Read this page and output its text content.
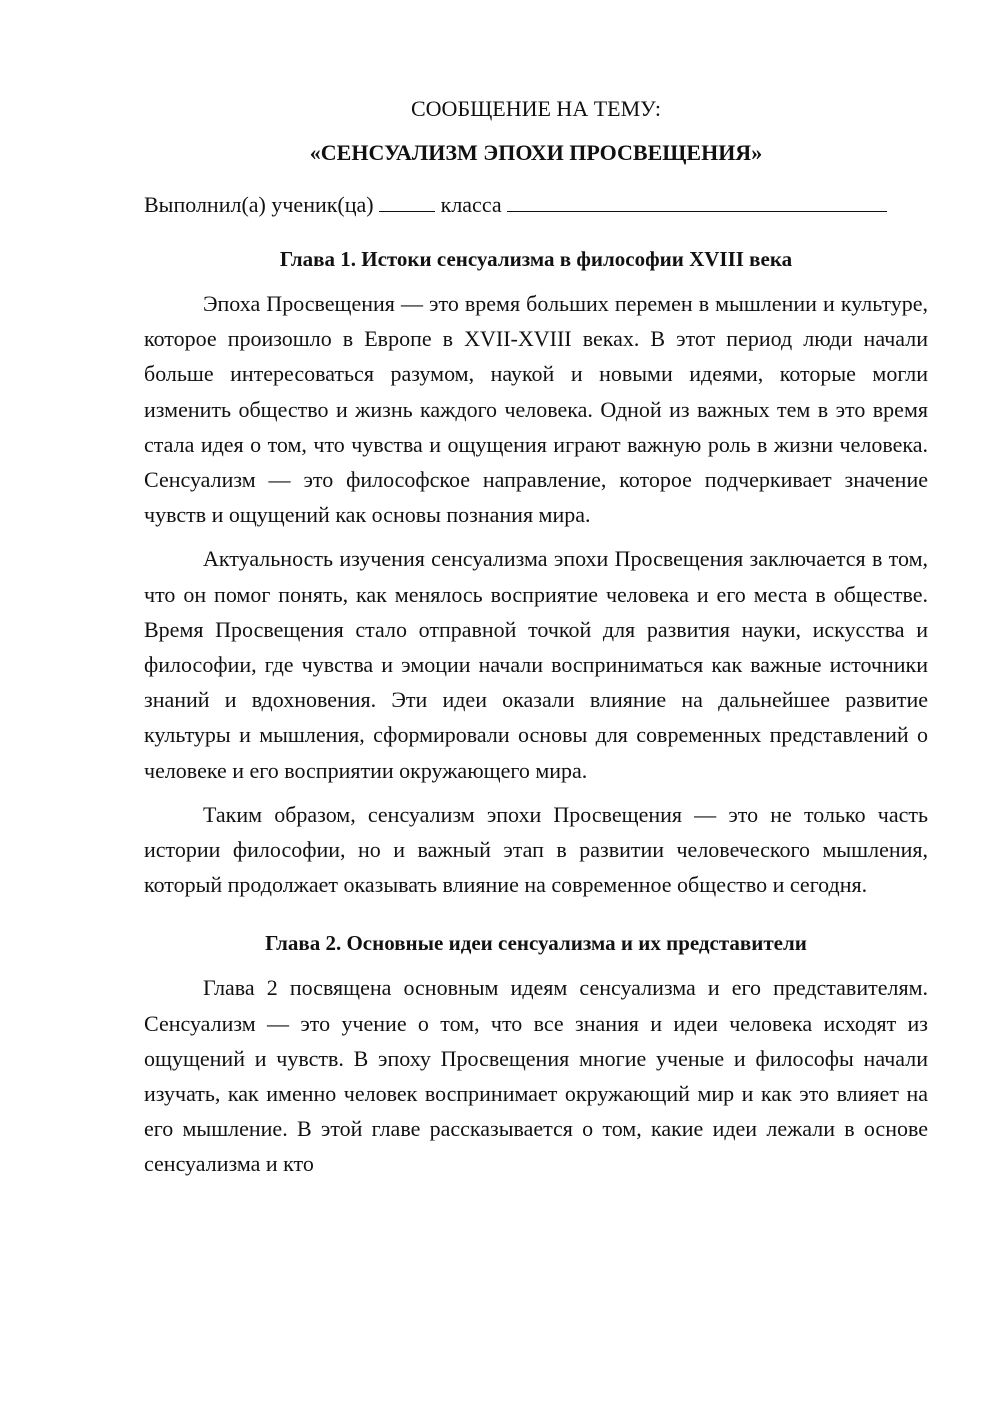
СООБЩЕНИЕ НА ТЕМУ:
«СЕНСУАЛИЗМ ЭПОХИ ПРОСВЕЩЕНИЯ»
Выполнил(а) ученик(ца)	класса
Глава 1. Истоки сенсуализма в философии XVIII века

Эпоха Просвещения — это время больших перемен в мышлении и культуре, которое произошло в Европе в XVII-XVIII веках. В этот период люди начали больше интересоваться разумом, наукой и новыми идеями, которые могли изменить общество и жизнь каждого человека. Одной из важных тем в это время стала идея о том, что чувства и ощущения играют важную роль в жизни человека. Сенсуализм — это философское направление, которое подчеркивает значение чувств и ощущений как основы познания мира.

Актуальность изучения сенсуализма эпохи Просвещения заключается в том, что он помог понять, как менялось восприятие человека и его места в обществе. Время Просвещения стало отправной точкой для развития науки, искусства и философии, где чувства и эмоции начали восприниматься как важные источники знаний и вдохновения. Эти идеи оказали влияние на дальнейшее развитие культуры и мышления, сформировали основы для современных представлений о человеке и его восприятии окружающего мира.

Таким образом, сенсуализм эпохи Просвещения — это не только часть истории философии, но и важный этап в развитии человеческого мышления, который продолжает оказывать влияние на современное общество и сегодня.

Глава 2. Основные идеи сенсуализма и их представители

Глава 2 посвящена основным идеям сенсуализма и его представителям. Сенсуализм — это учение о том, что все знания и идеи человека исходят из ощущений и чувств. В эпоху Просвещения многие ученые и философы начали изучать, как именно человек воспринимает окружающий мир и как это влияет на его мышление. В этой главе рассказывается о том, какие идеи лежали в основе сенсуализма и кто
